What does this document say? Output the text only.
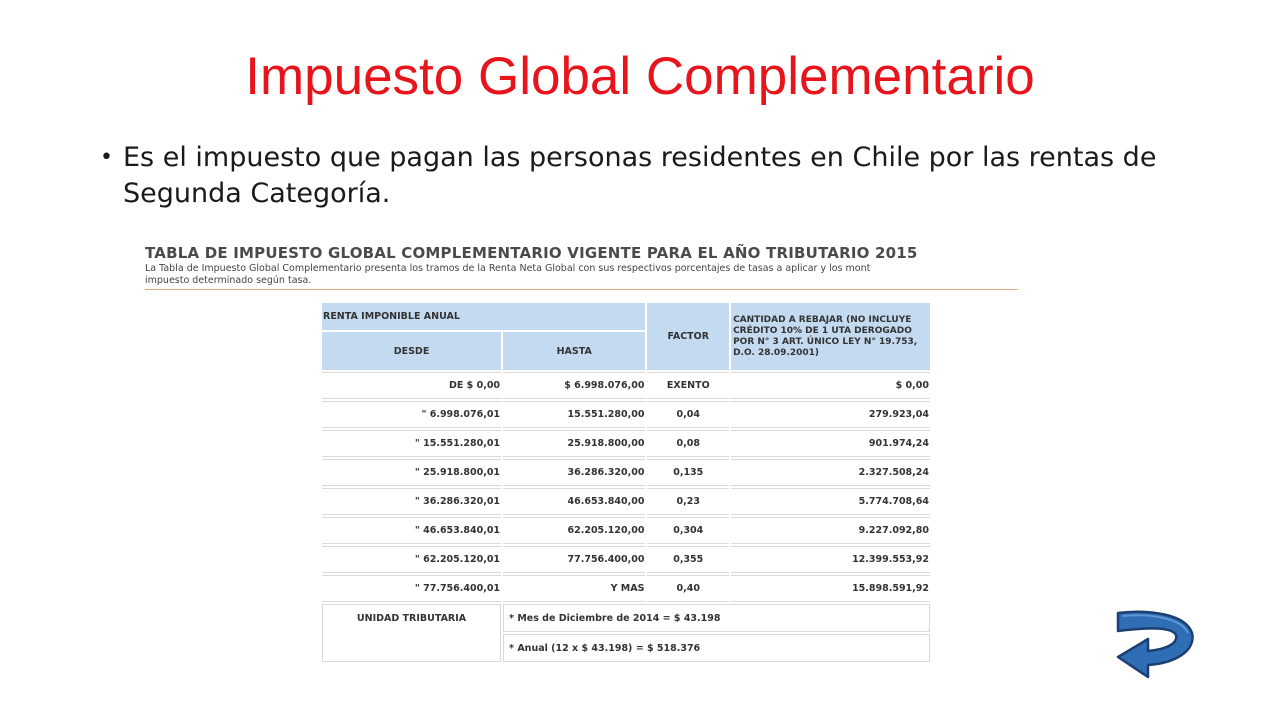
Impuesto Global Complementario
• Es el impuesto que pagan las personas residentes en Chile por las rentas de Segunda Categoría.
TABLA DE IMPUESTO GLOBAL COMPLEMENTARIO VIGENTE PARA EL AÑO TRIBUTARIO 2015
La Tabla de Impuesto Global Complementario presenta los tramos de la Renta Neta Global con sus respectivos porcentajes de tasas a aplicar y los mont
impuesto determinado según tasa.
RENTA IMPONIBLE ANUAL		FACTOR	CANTIDAD A REBAJAR (NO INCLUYE CRÉDITO 10% DE 1 UTA DEROGADO POR N° 3 ART. ÚNICO LEY N° 19.753, D.O. 28.09.2001)
DESDE	HASTA		
DE $ 0,00	$ 6.998.076,00	EXENTO	$ 0,00
" 6.998.076,01	15.551.280,00	0,04	279.923,04
" 15.551.280,01	25.918.800,00	0,08	901.974,24
" 25.918.800,01	36.286.320,00	0,135	2.327.508,24
" 36.286.320,01	46.653.840,00	0,23	5.774.708,64
" 46.653.840,01	62.205.120,00	0,304	9.227.092,80
" 62.205.120,01	77.756.400,00	0,355	12.399.553,92
" 77.756.400,01	Y MAS	0,40	15.898.591,92
UNIDAD TRIBUTARIA	* Mes de Diciembre de 2014 = $ 43.198		
	* Anual (12 x $ 43.198) = $ 518.376		
